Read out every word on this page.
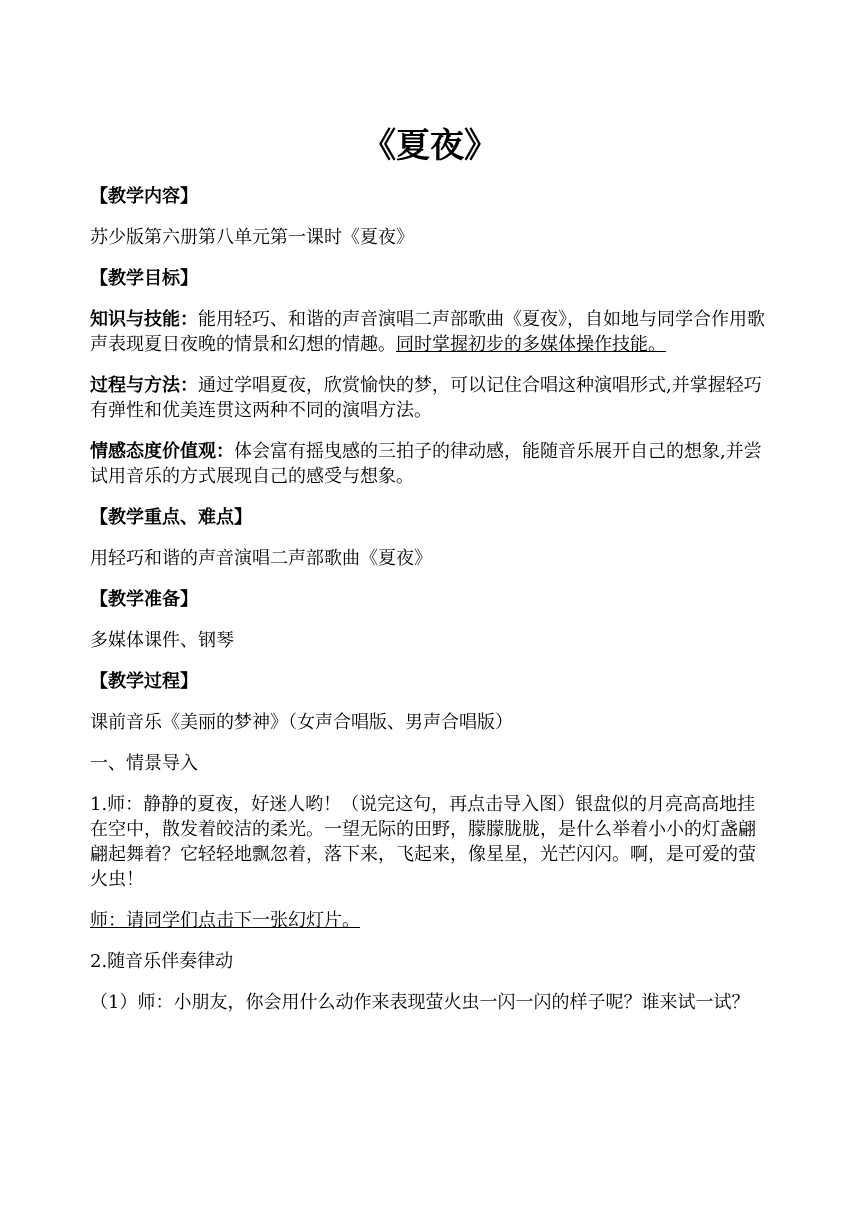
《夏夜》

【教学内容】

苏少版第六册第八单元第一课时《夏夜》

【教学目标】

知识与技能：能用轻巧、和谐的声音演唱二声部歌曲《夏夜》，自如地与同学合作用歌声表现夏日夜晚的情景和幻想的情趣。同时掌握初步的多媒体操作技能。

过程与方法：通过学唱夏夜，欣赏愉快的梦，可以记住合唱这种演唱形式,并掌握轻巧有弹性和优美连贯这两种不同的演唱方法。

情感态度价值观：体会富有摇曳感的三拍子的律动感，能随音乐展开自己的想象,并尝试用音乐的方式展现自己的感受与想象。

【教学重点、难点】

用轻巧和谐的声音演唱二声部歌曲《夏夜》

【教学准备】

多媒体课件、钢琴

【教学过程】

课前音乐《美丽的梦神》（女声合唱版、男声合唱版）

一、情景导入

1.师：静静的夏夜，好迷人哟！（说完这句，再点击导入图）银盘似的月亮高高地挂在空中，散发着皎洁的柔光。一望无际的田野，朦朦胧胧，是什么举着小小的灯盏翩翩起舞着？它轻轻地飘忽着，落下来，飞起来，像星星，光芒闪闪。啊，是可爱的萤火虫！

师：请同学们点击下一张幻灯片。

2.随音乐伴奏律动

（1）师：小朋友，你会用什么动作来表现萤火虫一闪一闪的样子呢？谁来试一试？
